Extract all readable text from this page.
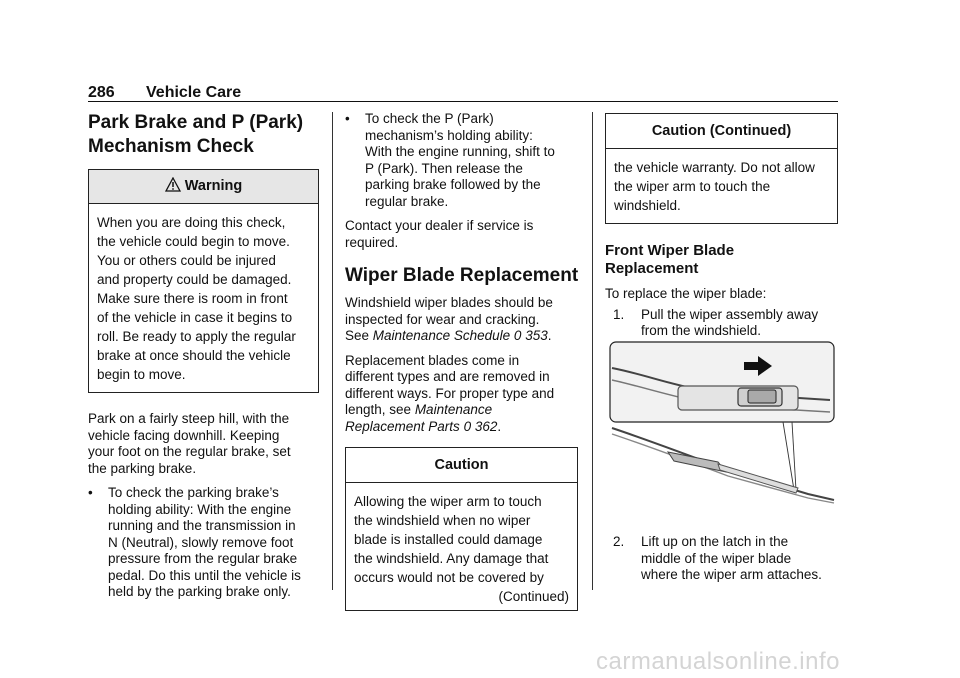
286 Vehicle Care
Park Brake and P (Park)
Mechanism Check
Warning
When you are doing this check,
the vehicle could begin to move.
You or others could be injured
and property could be damaged.
Make sure there is room in front
of the vehicle in case it begins to
roll. Be ready to apply the regular
brake at once should the vehicle
begin to move.

Park on a fairly steep hill, with the
vehicle facing downhill. Keeping
your foot on the regular brake, set
the parking brake.

• To check the parking brake’s
holding ability: With the engine
running and the transmission in
N (Neutral), slowly remove foot
pressure from the regular brake
pedal. Do this until the vehicle is
held by the parking brake only.
• To check the P (Park)
mechanism’s holding ability:
With the engine running, shift to
P (Park). Then release the
parking brake followed by the
regular brake.

Contact your dealer if service is
required.

Wiper Blade Replacement

Windshield wiper blades should be
inspected for wear and cracking.
See Maintenance Schedule 0 353.

Replacement blades come in
different types and are removed in
different ways. For proper type and
length, see Maintenance
Replacement Parts 0 362.

Caution
Allowing the wiper arm to touch
the windshield when no wiper
blade is installed could damage
the windshield. Any damage that
occurs would not be covered by
(Continued)
Caution (Continued)
the vehicle warranty. Do not allow
the wiper arm to touch the
windshield.
Front Wiper Blade
Replacement

To replace the wiper blade:

1. Pull the wiper assembly away
from the windshield.
2. Lift up on the latch in the
middle of the wiper blade
where the wiper arm attaches.
carmanualsonline.info
